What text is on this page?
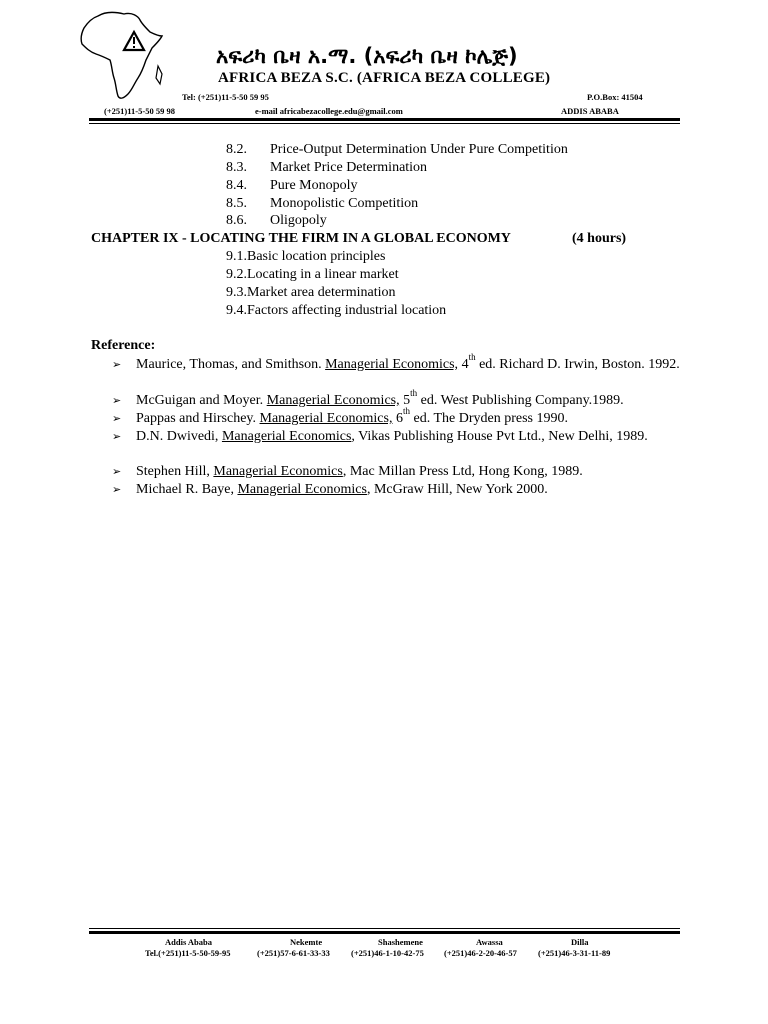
አፍሪካ ቤዛ አ.ማ. (አፍሪካ ቤዛ ኮሌጅ)
AFRICA BEZA S.C. (AFRICA BEZA COLLEGE)
Tel: (+251)11-5-50 59 95	P.O.Box: 41504
(+251)11-5-50 59 98	e-mail africabezacollege.edu@gmail.com	ADDIS ABABA
8.2. Price-Output Determination Under Pure Competition
8.3. Market Price Determination
8.4. Pure Monopoly
8.5. Monopolistic Competition
8.6. Oligopoly
CHAPTER IX - LOCATING THE FIRM IN A GLOBAL ECONOMY	(4 hours)
9.1.Basic location principles
9.2.Locating in a linear market
9.3.Market area determination
9.4.Factors affecting industrial location
Reference:
➢ Maurice, Thomas, and Smithson. Managerial Economics, 4th ed. Richard D. Irwin, Boston. 1992.
➢ McGuigan and Moyer. Managerial Economics, 5th ed. West Publishing Company.1989.
➢ Pappas and Hirschey. Managerial Economics, 6th ed. The Dryden press 1990.
➢ D.N. Dwivedi, Managerial Economics, Vikas Publishing House Pvt Ltd., New Delhi, 1989.
➢ Stephen Hill, Managerial Economics, Mac Millan Press Ltd, Hong Kong, 1989.
➢ Michael R. Baye, Managerial Economics, McGraw Hill, New York 2000.
Addis Ababa	Nekemte	Shashemene	Awassa	Dilla
Tel.(+251)11-5-50-59-95	(+251)57-6-61-33-33 (+251)46-1-10-42-75 (+251)46-2-20-46-57 (+251)46-3-31-11-89
